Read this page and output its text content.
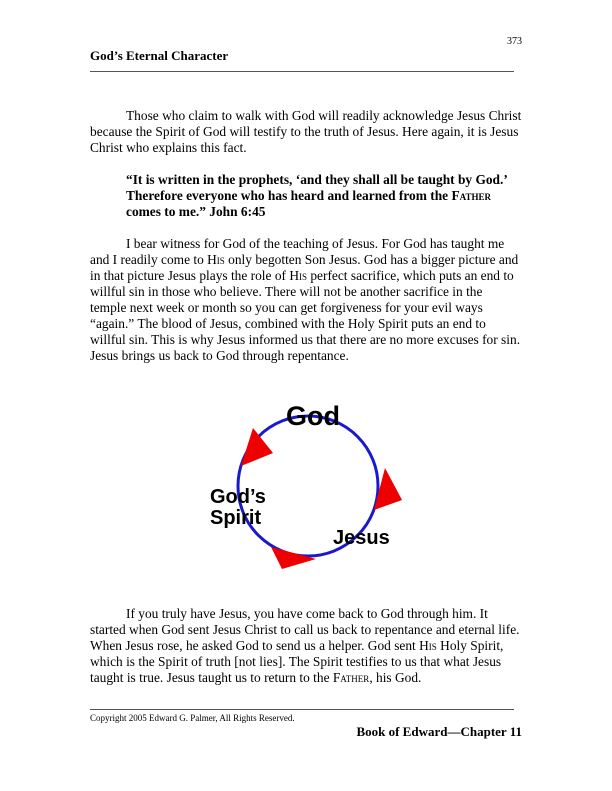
373
God’s Eternal Character

Those who claim to walk with God will readily acknowledge Jesus Christ because the Spirit of God will testify to the truth of Jesus. Here again, it is Jesus Christ who explains this fact.

“It is written in the prophets, ‘and they shall all be taught by God.’ Therefore everyone who has heard and learned from the Father comes to me.” John 6:45

I bear witness for God of the teaching of Jesus. For God has taught me and I readily come to His only begotten Son Jesus. God has a bigger picture and in that picture Jesus plays the role of His perfect sacrifice, which puts an end to willful sin in those who believe. There will not be another sacrifice in the temple next week or month so you can get forgiveness for your evil ways “again.” The blood of Jesus, combined with the Holy Spirit puts an end to willful sin. This is why Jesus informed us that there are no more excuses for sin. Jesus brings us back to God through repentance.

God
God’s
Spirit
Jesus

If you truly have Jesus, you have come back to God through him. It started when God sent Jesus Christ to call us back to repentance and eternal life. When Jesus rose, he asked God to send us a helper. God sent His Holy Spirit, which is the Spirit of truth [not lies]. The Spirit testifies to us that what Jesus taught is true. Jesus taught us to return to the Father, his God.

Copyright 2005 Edward G. Palmer, All Rights Reserved.
Book of Edward—Chapter 11
